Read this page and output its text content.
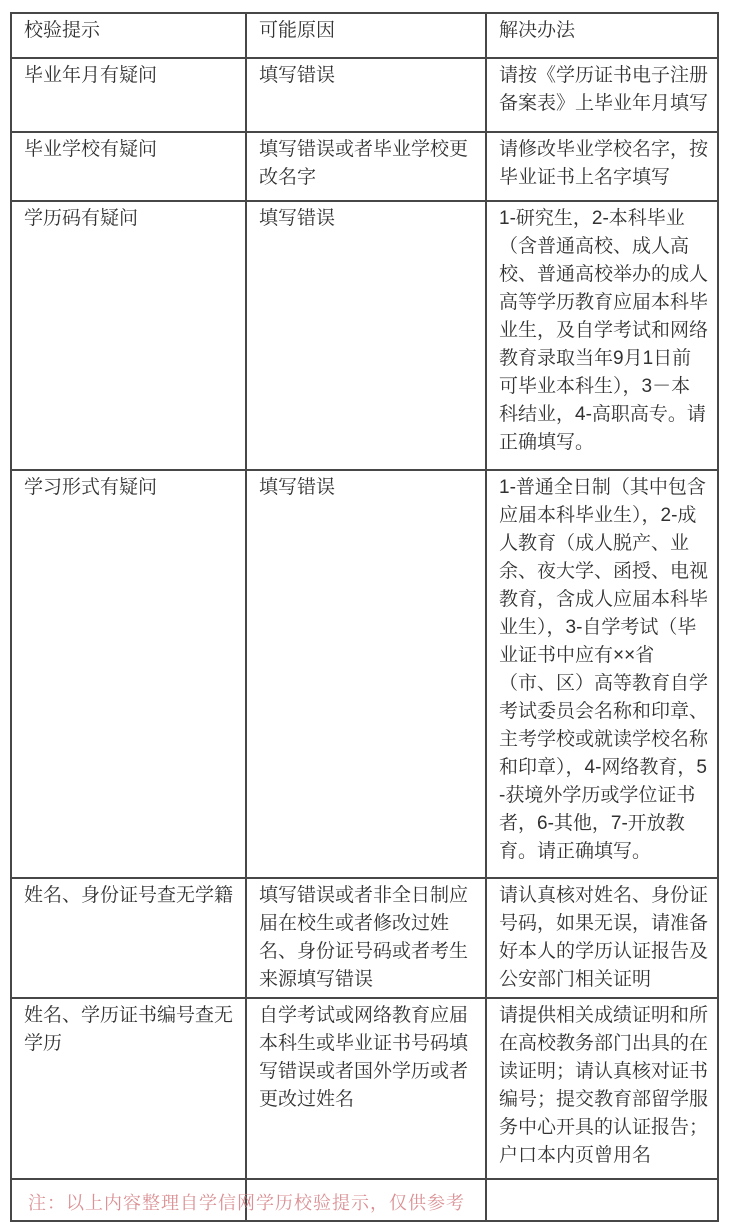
校验提示	可能原因	解决办法
毕业年月有疑问	填写错误	请按《学历证书电子注册备案表》上毕业年月填写
毕业学校有疑问	填写错误或者毕业学校更改名字	请修改毕业学校名字，按毕业证书上名字填写
学历码有疑问	填写错误	1-研究生，2-本科毕业（含普通高校、成人高校、普通高校举办的成人高等学历教育应届本科毕业生，及自学考试和网络教育录取当年9月1日前可毕业本科生），3－本科结业，4-高职高专。请正确填写。
学习形式有疑问	填写错误	1-普通全日制（其中包含应届本科毕业生），2-成人教育（成人脱产、业余、夜大学、函授、电视教育，含成人应届本科毕业生），3-自学考试（毕业证书中应有××省（市、区）高等教育自学考试委员会名称和印章、主考学校或就读学校名称和印章），4-网络教育，5-获境外学历或学位证书者，6-其他，7-开放教育。请正确填写。
姓名、身份证号查无学籍	填写错误或者非全日制应届在校生或者修改过姓名、身份证号码或者考生来源填写错误	请认真核对姓名、身份证号码，如果无误，请准备好本人的学历认证报告及公安部门相关证明
姓名、学历证书编号查无学历	自学考试或网络教育应届本科生或毕业证书号码填写错误或者国外学历或者更改过姓名	请提供相关成绩证明和所在高校教务部门出具的在读证明；请认真核对证书编号；提交教育部留学服务中心开具的认证报告；户口本内页曾用名

注：以上内容整理自学信网学历校验提示，仅供参考
